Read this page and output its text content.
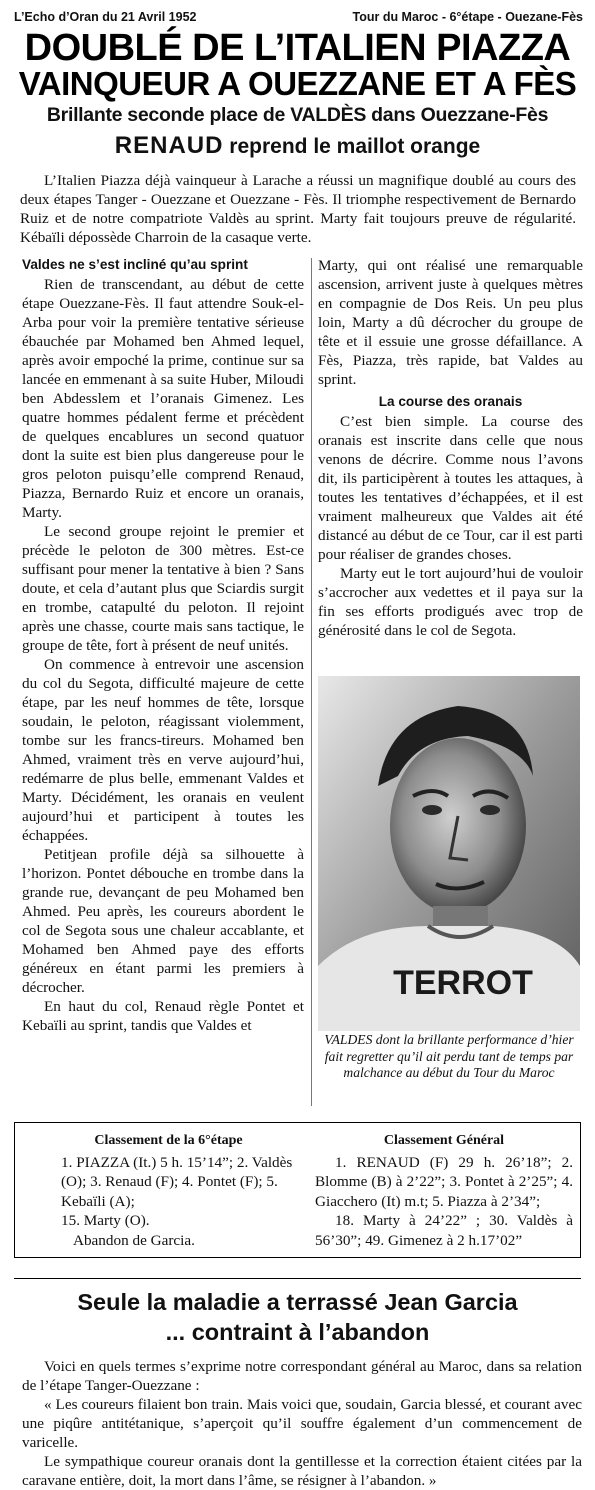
L’Echo d’Oran du 21 Avril 1952	Tour du Maroc - 6°étape - Ouezane-Fès
DOUBLÉ DE L’ITALIEN PIAZZA
VAINQUEUR A OUEZZANE ET A FÈS
Brillante seconde place de VALDÈS dans Ouezzane-Fès
RENAUD reprend le maillot orange

L’Italien Piazza déjà vainqueur à Larache a réussi un magnifique doublé au cours des deux étapes Tanger - Ouezzane et Ouezzane - Fès. Il triomphe respectivement de Bernardo Ruiz et de notre compatriote Valdès au sprint. Marty fait toujours preuve de régularité. Kébaïli dépossède Charroin de la casaque verte.

Valdes ne s’est incliné qu’au sprint

Rien de transcendant, au début de cette étape Ouezzane-Fès. Il faut attendre Souk-el-Arba pour voir la première tentative sérieuse ébauchée par Mohamed ben Ahmed lequel, après avoir empoché la prime, continue sur sa lancée en emmenant à sa suite Huber, Miloudi ben Abdesslem et l’oranais Gimenez. Les quatre hommes pédalent ferme et précèdent de quelques encablures un second quatuor dont la suite est bien plus dangereuse pour le gros peloton puisqu’elle comprend Renaud, Piazza, Bernardo Ruiz et encore un oranais, Marty.

Le second groupe rejoint le premier et précède le peloton de 300 mètres. Est-ce suffisant pour mener la tentative à bien ? Sans doute, et cela d’autant plus que Sciardis surgit en trombe, catapulté du peloton. Il rejoint après une chasse, courte mais sans tactique, le groupe de tête, fort à présent de neuf unités.

On commence à entrevoir une ascension du col du Segota, difficulté majeure de cette étape, par les neuf hommes de tête, lorsque soudain, le peloton, réagissant violemment, tombe sur les francs-tireurs. Mohamed ben Ahmed, vraiment très en verve aujourd’hui, redémarre de plus belle, emmenant Valdes et Marty. Décidément, les oranais en veulent aujourd’hui et participent à toutes les échappées.

Petitjean profile déjà sa silhouette à l’horizon. Pontet débouche en trombe dans la grande rue, devançant de peu Mohamed ben Ahmed. Peu après, les coureurs abordent le col de Segota sous une chaleur accablante, et Mohamed ben Ahmed paye des efforts généreux en étant parmi les premiers à décrocher.

En haut du col, Renaud règle Pontet et Kebaïli au sprint, tandis que Valdes et

Marty, qui ont réalisé une remarquable ascension, arrivent juste à quelques mètres en compagnie de Dos Reis. Un peu plus loin, Marty a dû décrocher du groupe de tête et il essuie une grosse défaillance. A Fès, Piazza, très rapide, bat Valdes au sprint.

La course des oranais

C’est bien simple. La course des oranais est inscrite dans celle que nous venons de décrire. Comme nous l’avons dit, ils participèrent à toutes les attaques, à toutes les tentatives d’échappées, et il est vraiment malheureux que Valdes ait été distancé au début de ce Tour, car il est parti pour réaliser de grandes choses.

Marty eut le tort aujourd’hui de vouloir s’accrocher aux vedettes et il paya sur la fin ses efforts prodigués avec trop de générosité dans le col de Segota.

TERROT
VALDES dont la brillante performance d’hier fait regretter qu’il ait perdu tant de temps par malchance au début du Tour du Maroc
Classement de la 6°étape

1. PIAZZA (It.) 5 h. 15’14”; 2. Valdès (O); 3. Renaud (F); 4. Pontet (F); 5. Kebaïli (A);

15. Marty (O).

Abandon de Garcia.

Classement Général

1. RENAUD (F) 29 h. 26’18”; 2. Blomme (B) à 2’22”; 3. Pontet à 2’25”; 4. Giacchero (It) m.t; 5. Piazza à 2’34”;

18. Marty à 24’22” ; 30. Valdès à 56’30”; 49. Gimenez à 2 h.17’02”

Seule la maladie a terrassé Jean Garcia
... contraint à l’abandon

Voici en quels termes s’exprime notre correspondant général au Maroc, dans sa relation de l’étape Tanger-Ouezzane :

« Les coureurs filaient bon train. Mais voici que, soudain, Garcia blessé, et courant avec une piqûre antitétanique, s’aperçoit qu’il souffre également d’un commencement de varicelle.

Le sympathique coureur oranais dont la gentillesse et la correction étaient citées par la caravane entière, doit, la mort dans l’âme, se résigner à l’abandon. »
